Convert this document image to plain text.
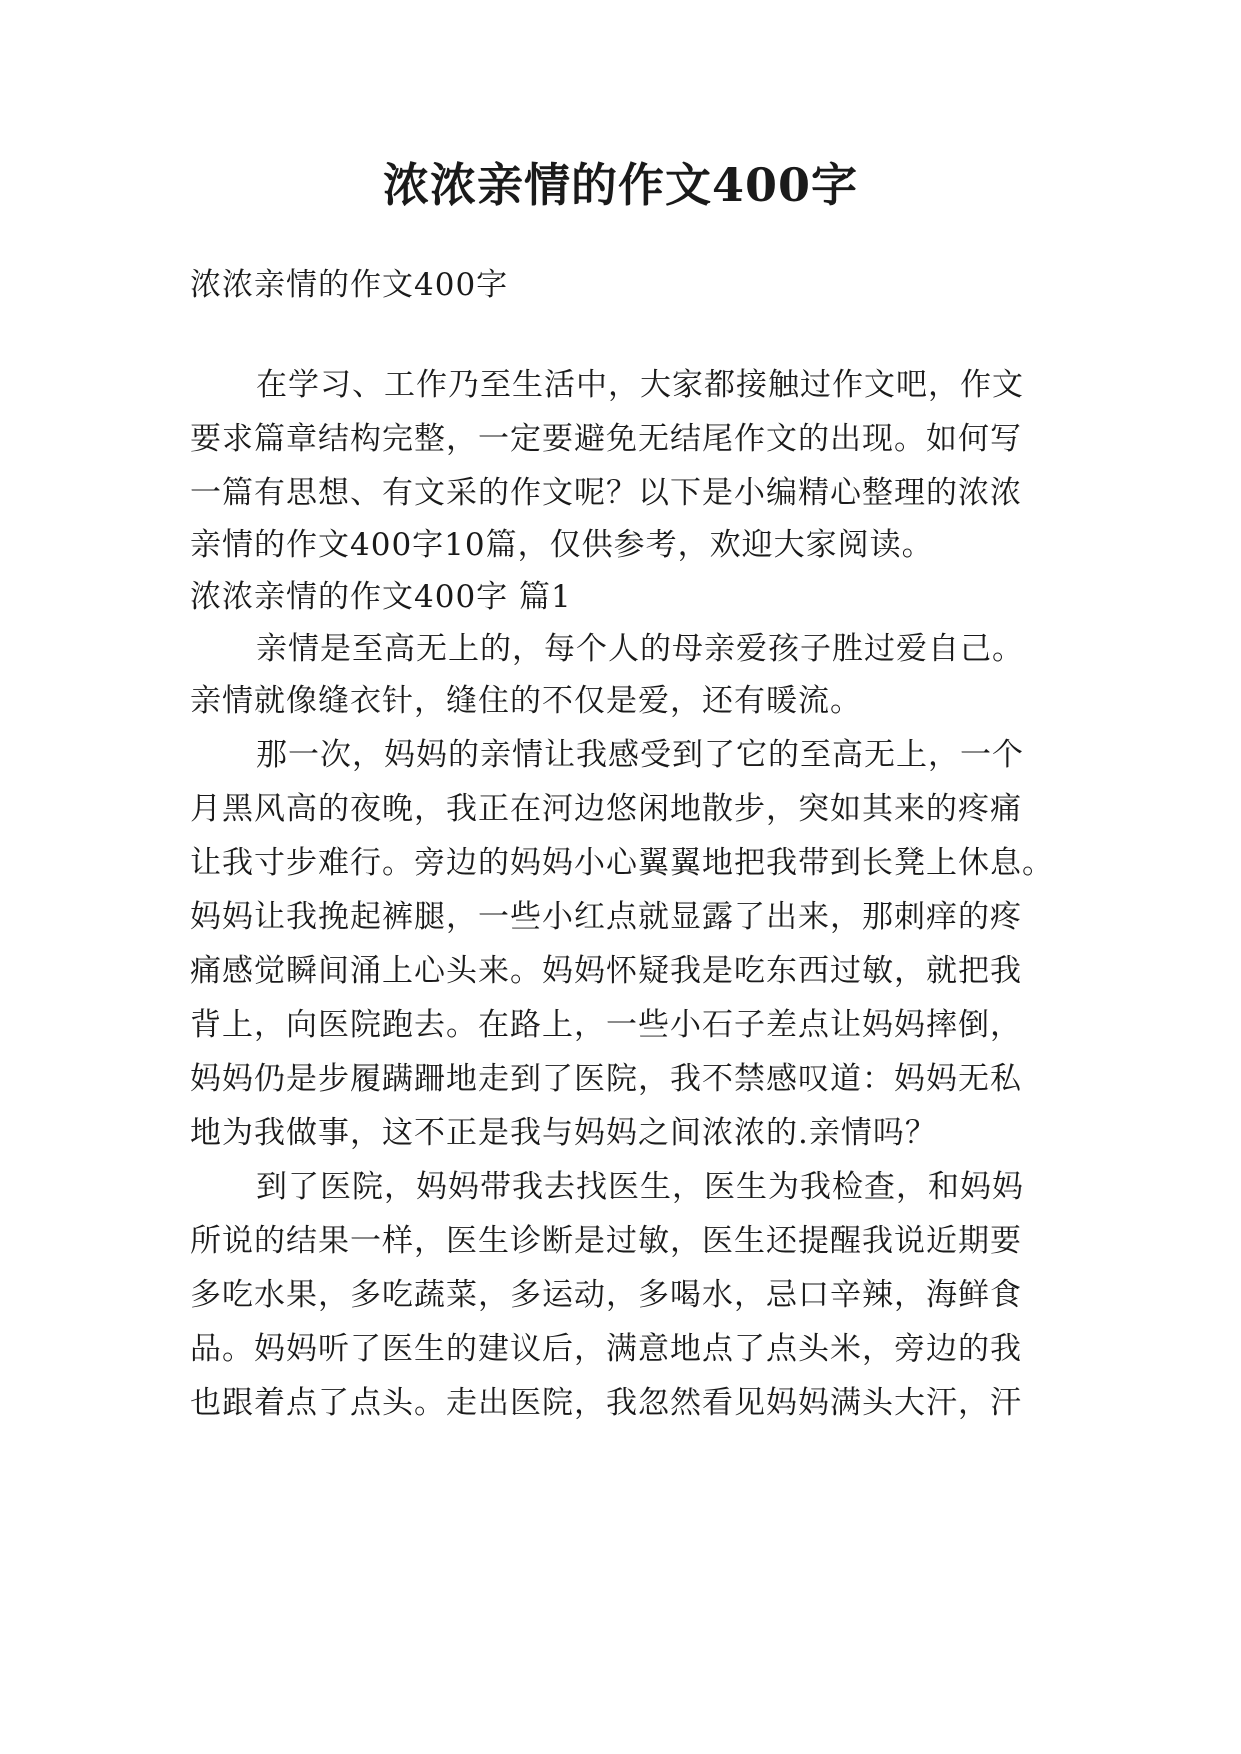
浓浓亲情的作文400字
浓浓亲情的作文400字
在学习、工作乃至生活中，大家都接触过作文吧，作文
要求篇章结构完整，一定要避免无结尾作文的出现。如何写
一篇有思想、有文采的作文呢？以下是小编精心整理的浓浓
亲情的作文400字10篇，仅供参考，欢迎大家阅读。
浓浓亲情的作文400字 篇1
亲情是至高无上的，每个人的母亲爱孩子胜过爱自己。
亲情就像缝衣针，缝住的不仅是爱，还有暖流。
那一次，妈妈的亲情让我感受到了它的至高无上，一个
月黑风高的夜晚，我正在河边悠闲地散步，突如其来的疼痛
让我寸步难行。旁边的妈妈小心翼翼地把我带到长凳上休息。
妈妈让我挽起裤腿，一些小红点就显露了出来，那刺痒的疼
痛感觉瞬间涌上心头来。妈妈怀疑我是吃东西过敏，就把我
背上，向医院跑去。在路上，一些小石子差点让妈妈摔倒，
妈妈仍是步履蹒跚地走到了医院，我不禁感叹道：妈妈无私
地为我做事，这不正是我与妈妈之间浓浓的.亲情吗？
到了医院，妈妈带我去找医生，医生为我检查，和妈妈
所说的结果一样，医生诊断是过敏，医生还提醒我说近期要
多吃水果，多吃蔬菜，多运动，多喝水，忌口辛辣，海鲜食
品。妈妈听了医生的建议后，满意地点了点头米，旁边的我
也跟着点了点头。走出医院，我忽然看见妈妈满头大汗，汗
